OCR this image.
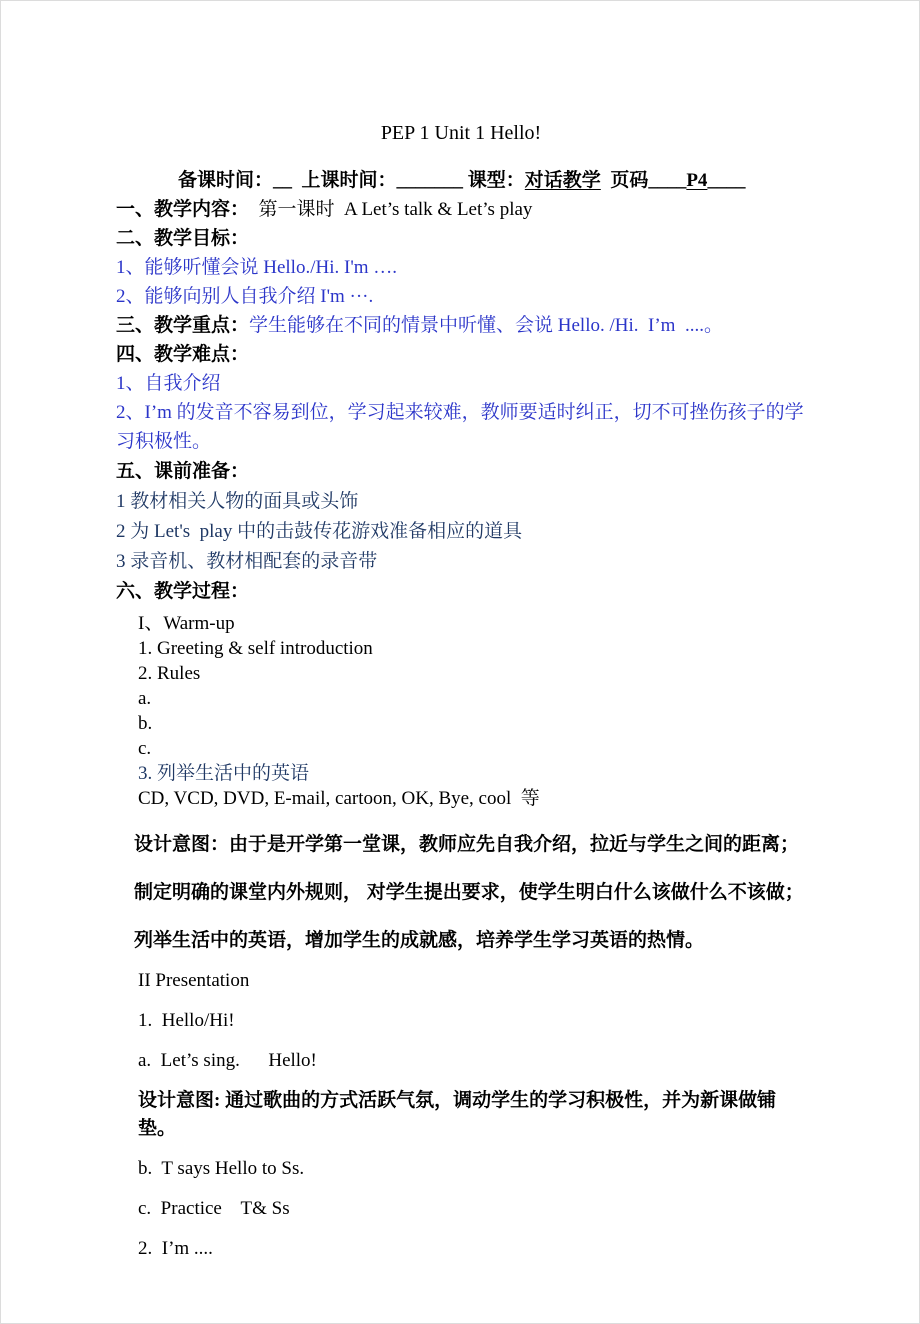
PEP 1 Unit 1 Hello!
备课时间：__  上课时间：_______ 课型：对话教学  页码____P4____
一、教学内容：  第一课时  A Let’s talk & Let’s play
二、教学目标：
1、能够听懂会说 Hello./Hi. I'm ….
2、能够向别人自我介绍 I'm ···.
三、教学重点：学生能够在不同的情景中听懂、会说 Hello. /Hi.  I’m  ....。
四、教学难点：
1、自我介绍
2、I’m 的发音不容易到位，学习起来较难，教师要适时纠正，切不可挫伤孩子的学习积极性。
五、课前准备：
1 教材相关人物的面具或头饰
2 为 Let's  play 中的击鼓传花游戏准备相应的道具
3 录音机、教材相配套的录音带
六、教学过程：
I、Warm-up
1. Greeting & self introduction
2. Rules
a.
b.
c.
3. 列举生活中的英语
CD, VCD, DVD, E-mail, cartoon, OK, Bye, cool  等
设计意图：由于是开学第一堂课，教师应先自我介绍，拉近与学生之间的距离；
制定明确的课堂内外规则， 对学生提出要求，使学生明白什么该做什么不该做；
列举生活中的英语，增加学生的成就感，培养学生学习英语的热情。
II Presentation
1.  Hello/Hi!
a.  Let’s sing.      Hello!
设计意图: 通过歌曲的方式活跃气氛，调动学生的学习积极性，并为新课做铺垫。
b.  T says Hello to Ss.
c.  Practice    T& Ss
2.  I’m ....
